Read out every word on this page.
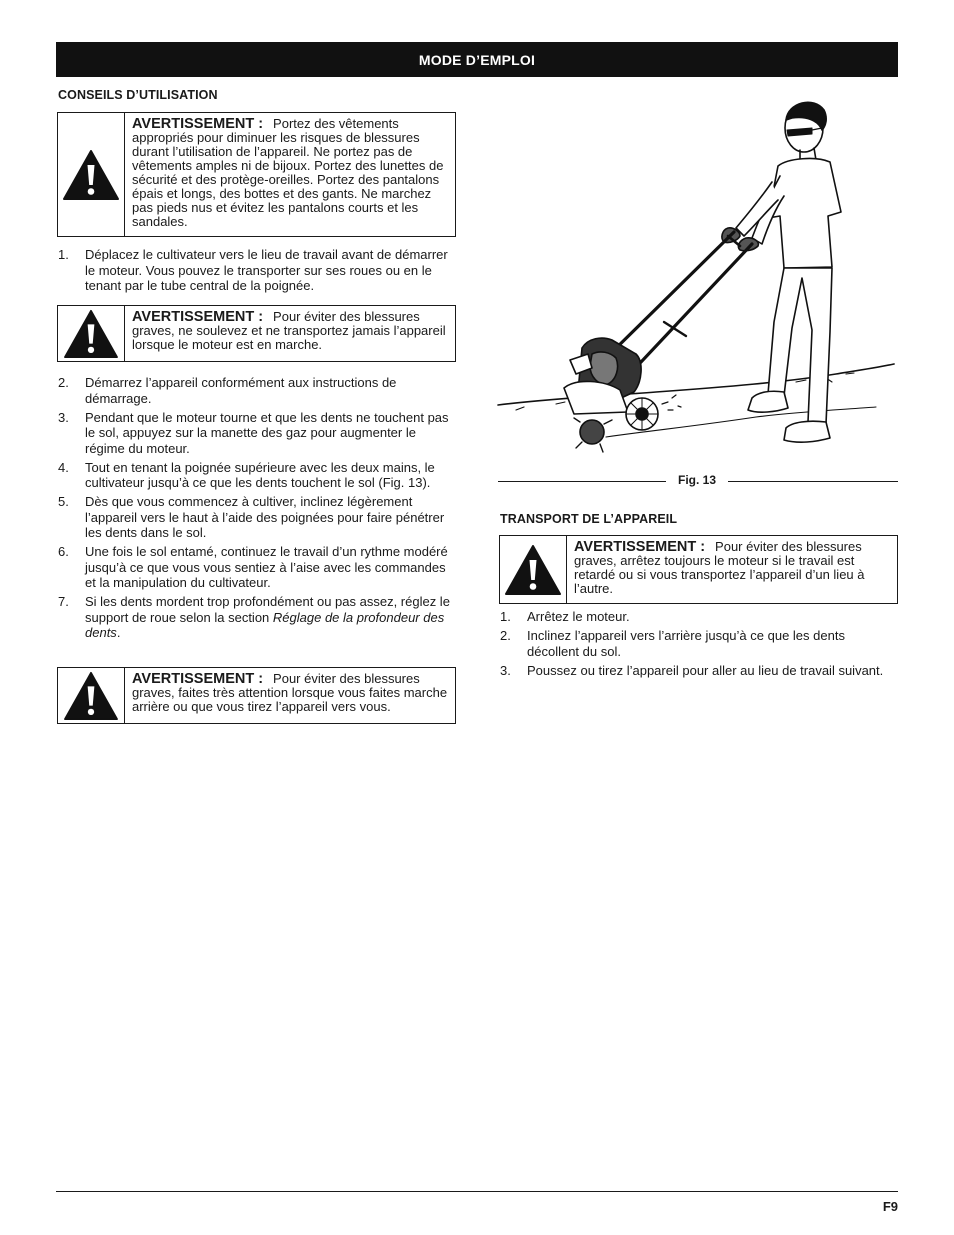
MODE D’EMPLOI
CONSEILS D’UTILISATION
AVERTISSEMENT : Portez des vêtements appropriés pour diminuer les risques de blessures durant l’utilisation de l’appareil. Ne portez pas de vêtements amples ni de bijoux. Portez des lunettes de sécurité et des protège-oreilles. Portez des pantalons épais et longs, des bottes et des gants. Ne marchez pas pieds nus et évitez les pantalons courts et les sandales.
1.	Déplacez le cultivateur vers le lieu de travail avant de démarrer le moteur. Vous pouvez le transporter sur ses roues ou en le tenant par le tube central de la poignée.
AVERTISSEMENT : Pour éviter des blessures graves, ne soulevez et ne transportez jamais l’appareil lorsque le moteur est en marche.
2.	Démarrez l’appareil conformément aux instructions de démarrage.
3.	Pendant que le moteur tourne et que les dents ne touchent pas le sol, appuyez sur la manette des gaz pour augmenter le régime du moteur.
4.	Tout en tenant la poignée supérieure avec les deux mains, le cultivateur jusqu’à ce que les dents touchent le sol (Fig. 13).
5.	Dès que vous commencez à cultiver, inclinez légèrement l’appareil vers le haut à l’aide des poignées pour faire pénétrer les dents dans le sol.
6.	Une fois le sol entamé, continuez le travail d’un rythme modéré jusqu’à ce que vous vous sentiez à l’aise avec les commandes et la manipulation du cultivateur.
7.	Si les dents mordent trop profondément ou pas assez, réglez le support de roue selon la section Réglage de la profondeur des dents.
AVERTISSEMENT : Pour éviter des blessures graves, faites très attention lorsque vous faites marche arrière ou que vous tirez l’appareil vers vous.
Fig. 13
TRANSPORT DE L’APPAREIL
AVERTISSEMENT : Pour éviter des blessures graves, arrêtez toujours le moteur si le travail est retardé ou si vous transportez l’appareil d’un lieu à l’autre.
1.	Arrêtez le moteur.
2.	Inclinez l’appareil vers l’arrière jusqu’à ce que les dents décollent du sol.
3.	Poussez ou tirez l’appareil pour aller au lieu de travail suivant.
F9
